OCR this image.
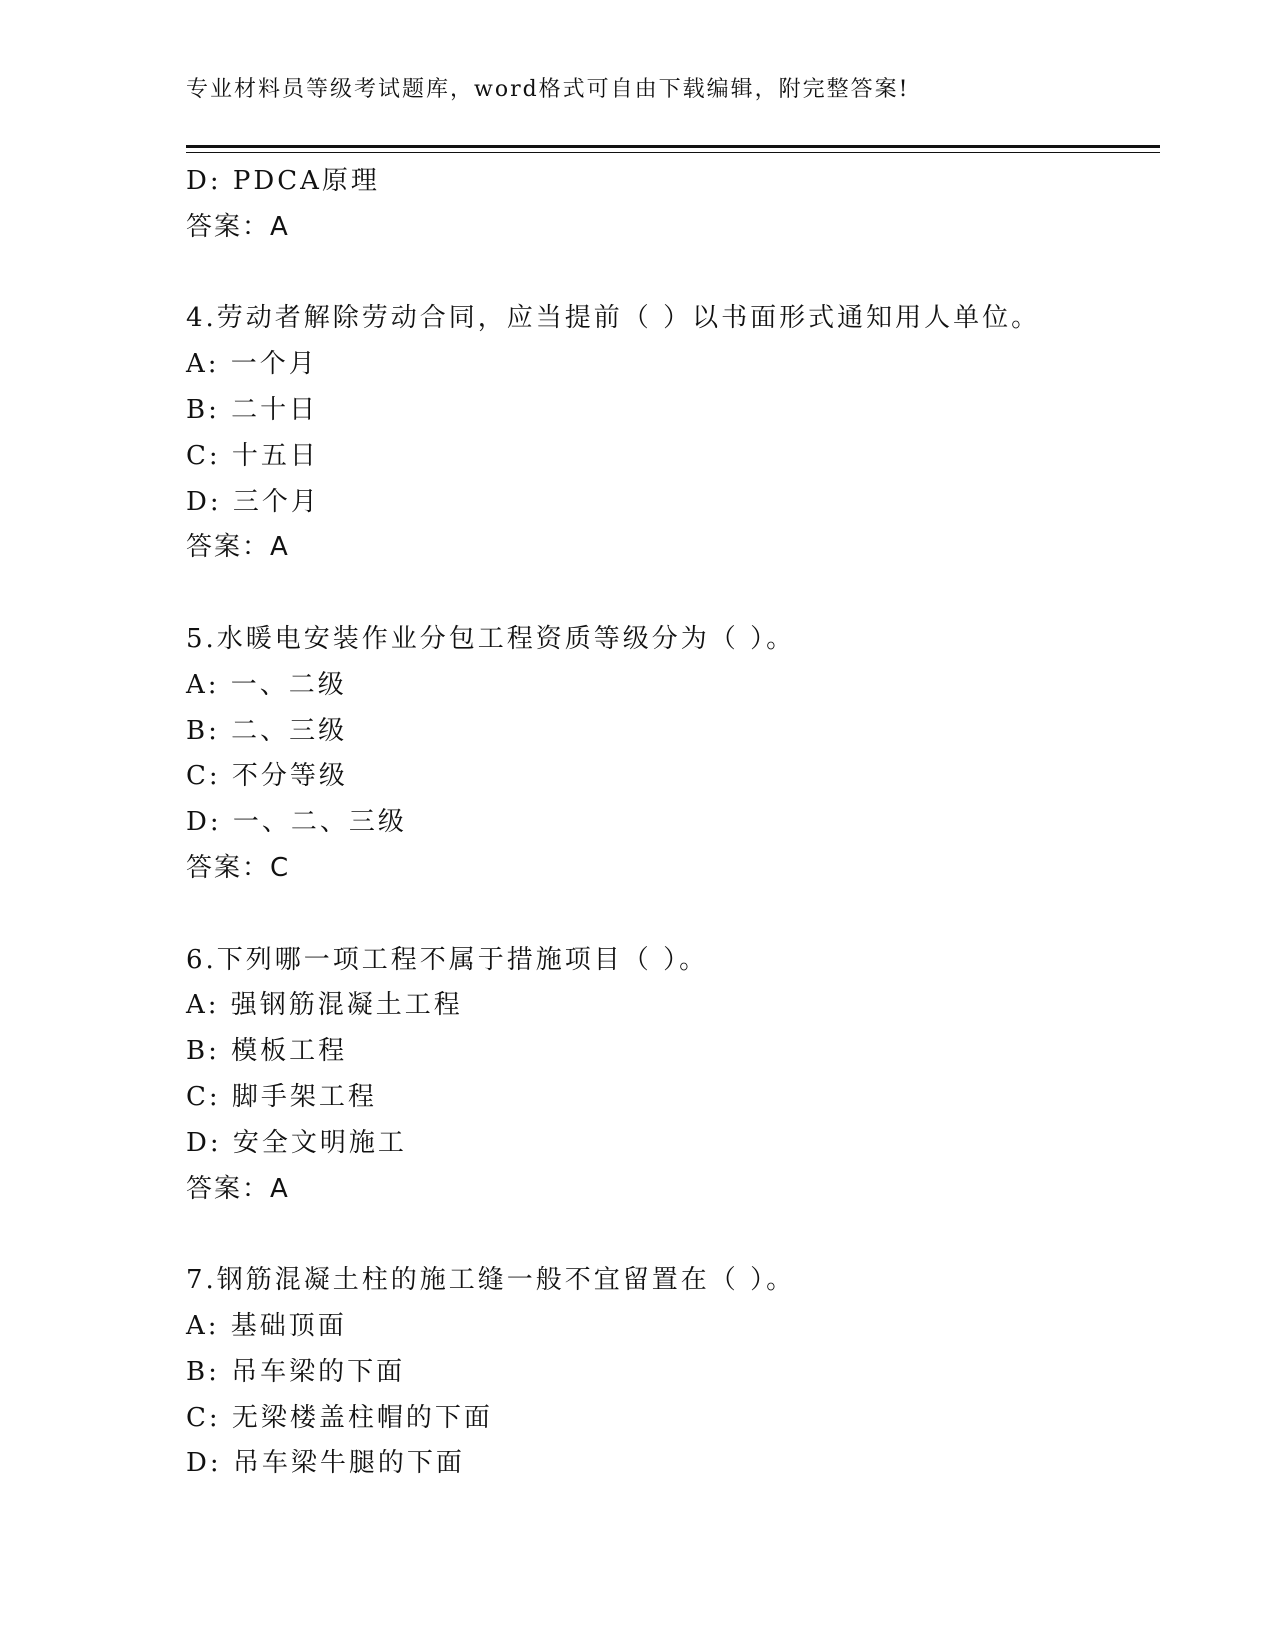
专业材料员等级考试题库，word格式可自由下载编辑，附完整答案!
D: PDCA原理
答案：A
4.劳动者解除劳动合同，应当提前（ ）以书面形式通知用人单位。
A: 一个月
B: 二十日
C: 十五日
D: 三个月
答案：A
5.水暖电安装作业分包工程资质等级分为（ ）。
A: 一、二级
B: 二、三级
C: 不分等级
D: 一、二、三级
答案：C
6.下列哪一项工程不属于措施项目（ ）。
A: 强钢筋混凝土工程
B: 模板工程
C: 脚手架工程
D: 安全文明施工
答案：A
7.钢筋混凝土柱的施工缝一般不宜留置在（ ）。
A: 基础顶面
B: 吊车梁的下面
C: 无梁楼盖柱帽的下面
D: 吊车梁牛腿的下面
